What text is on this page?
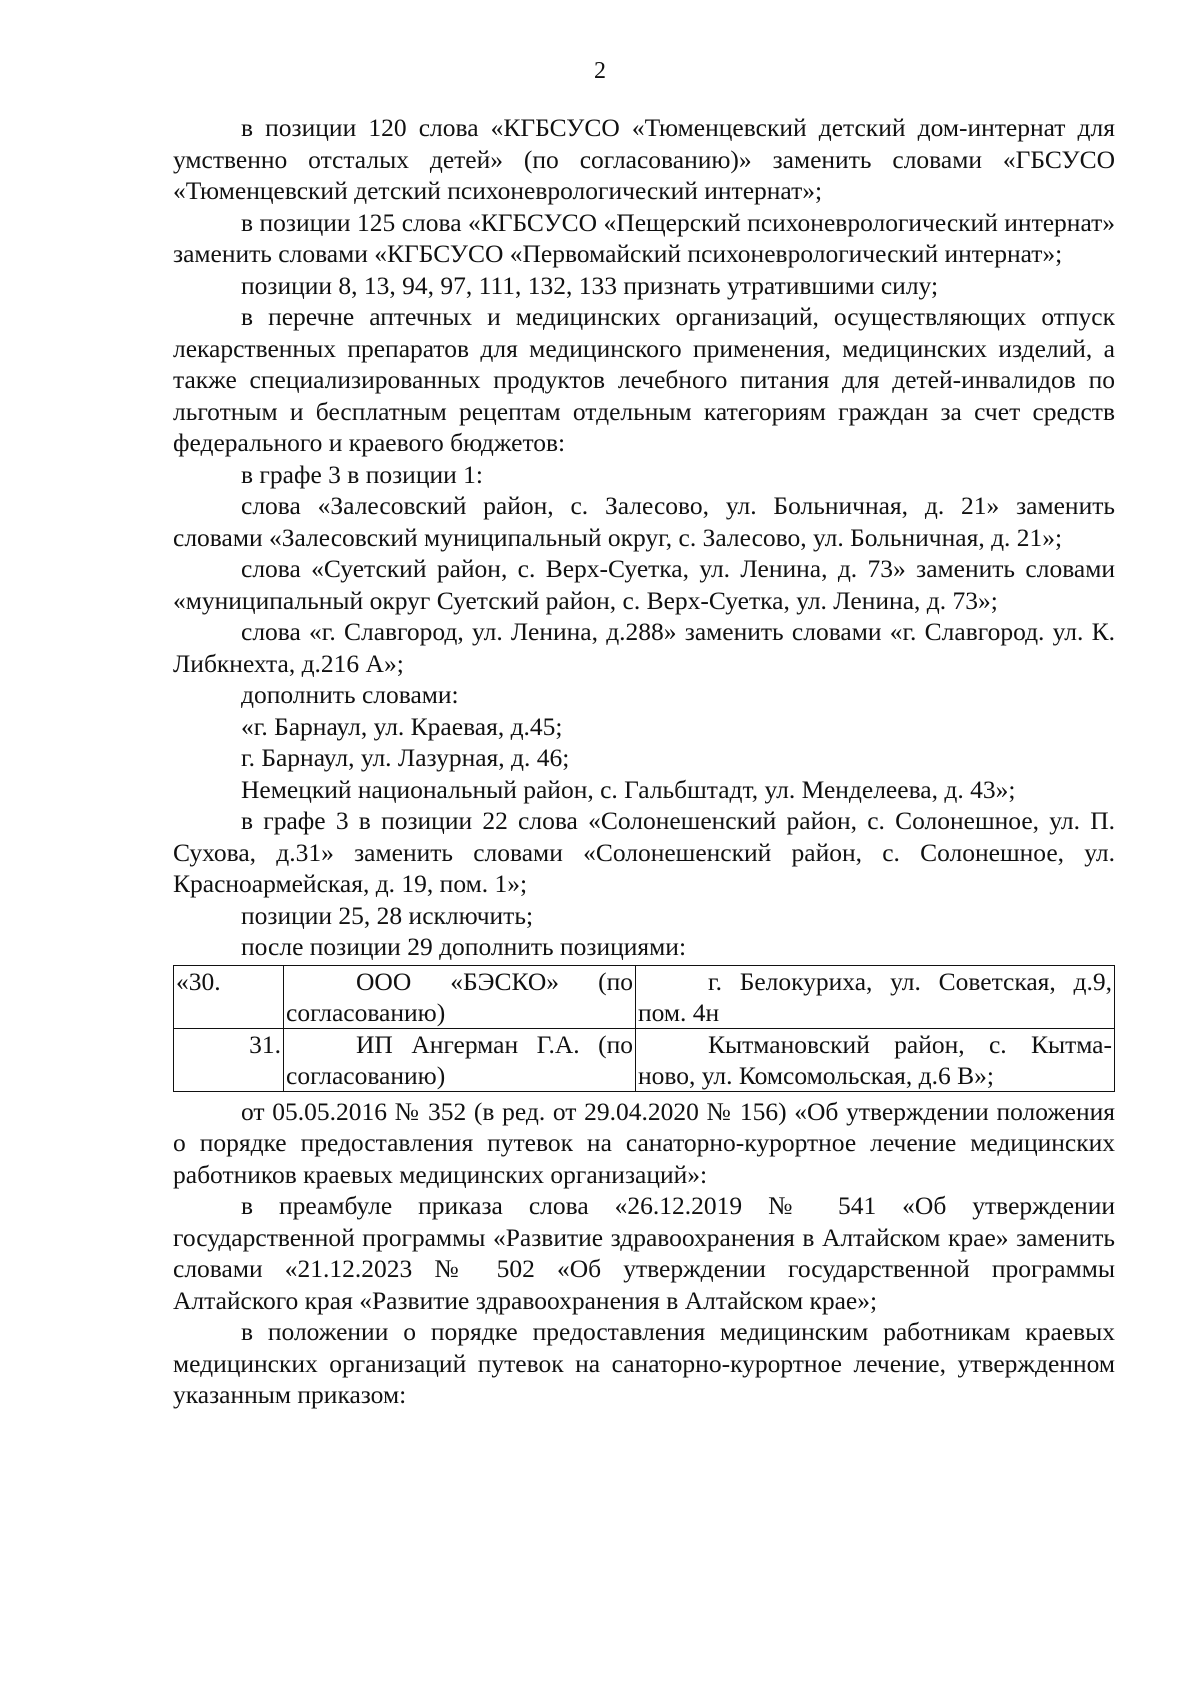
2

в позиции 120 слова «КГБСУСО «Тюменцевский детский дом-интернат для умственно отсталых детей» (по согласованию)» заменить словами «ГБСУСО «Тюменцевский детский психоневрологический интернат»;

в позиции 125 слова «КГБСУСО «Пещерский психоневрологический интернат» заменить словами «КГБСУСО «Первомайский психоневрологический интернат»;

позиции 8, 13, 94, 97, 111, 132, 133 признать утратившими силу;

в перечне аптечных и медицинских организаций, осуществляющих отпуск лекарственных препаратов для медицинского применения, медицинских изделий, а также специализированных продуктов лечебного питания для детей-инвалидов по льготным и бесплатным рецептам отдельным категориям граждан за счет средств федерального и краевого бюджетов:

в графе 3 в позиции 1:

слова «Залесовский район, с. Залесово, ул. Больничная, д. 21» заменить словами «Залесовский муниципальный округ, с. Залесово, ул. Больничная, д. 21»;

слова «Суетский район, с. Верх-Суетка, ул. Ленина, д. 73» заменить словами «муниципальный округ Суетский район, с. Верх-Суетка, ул. Ленина, д. 73»;

слова «г. Славгород, ул. Ленина, д.288» заменить словами «г. Славгород. ул. К. Либкнехта, д.216 А»;

дополнить словами:

«г. Барнаул, ул. Краевая, д.45;

г. Барнаул, ул. Лазурная, д. 46;

Немецкий национальный район, с. Гальбштадт, ул. Менделеева, д. 43»;

в графе 3 в позиции 22 слова «Солонешенский район, с. Солонешное, ул. П. Сухова, д.31» заменить словами «Солонешенский район, с. Солонешное, ул. Красноармейская, д. 19, пом. 1»;

позиции 25, 28 исключить;

после позиции 29 дополнить позициями:

«30.	ООО «БЭСКО» (по
согласованию)	г. Белокуриха, ул. Советская, д.9,
пом. 4н

31.	ИП Ангерман Г.А. (по
согласованию)	Кытмановский район, с. Кытма-
ново, ул. Комсомольская, д.6 В»;

от 05.05.2016 № 352 (в ред. от 29.04.2020 № 156) «Об утверждении положения о порядке предоставления путевок на санаторно-курортное лечение медицинских работников краевых медицинских организаций»:

в преамбуле приказа слова «26.12.2019 № 541 «Об утверждении государственной программы «Развитие здравоохранения в Алтайском крае» заменить словами «21.12.2023 № 502 «Об утверждении государственной программы Алтайского края «Развитие здравоохранения в Алтайском крае»;

в положении о порядке предоставления медицинским работникам краевых медицинских организаций путевок на санаторно-курортное лечение, утвержденном указанным приказом:
